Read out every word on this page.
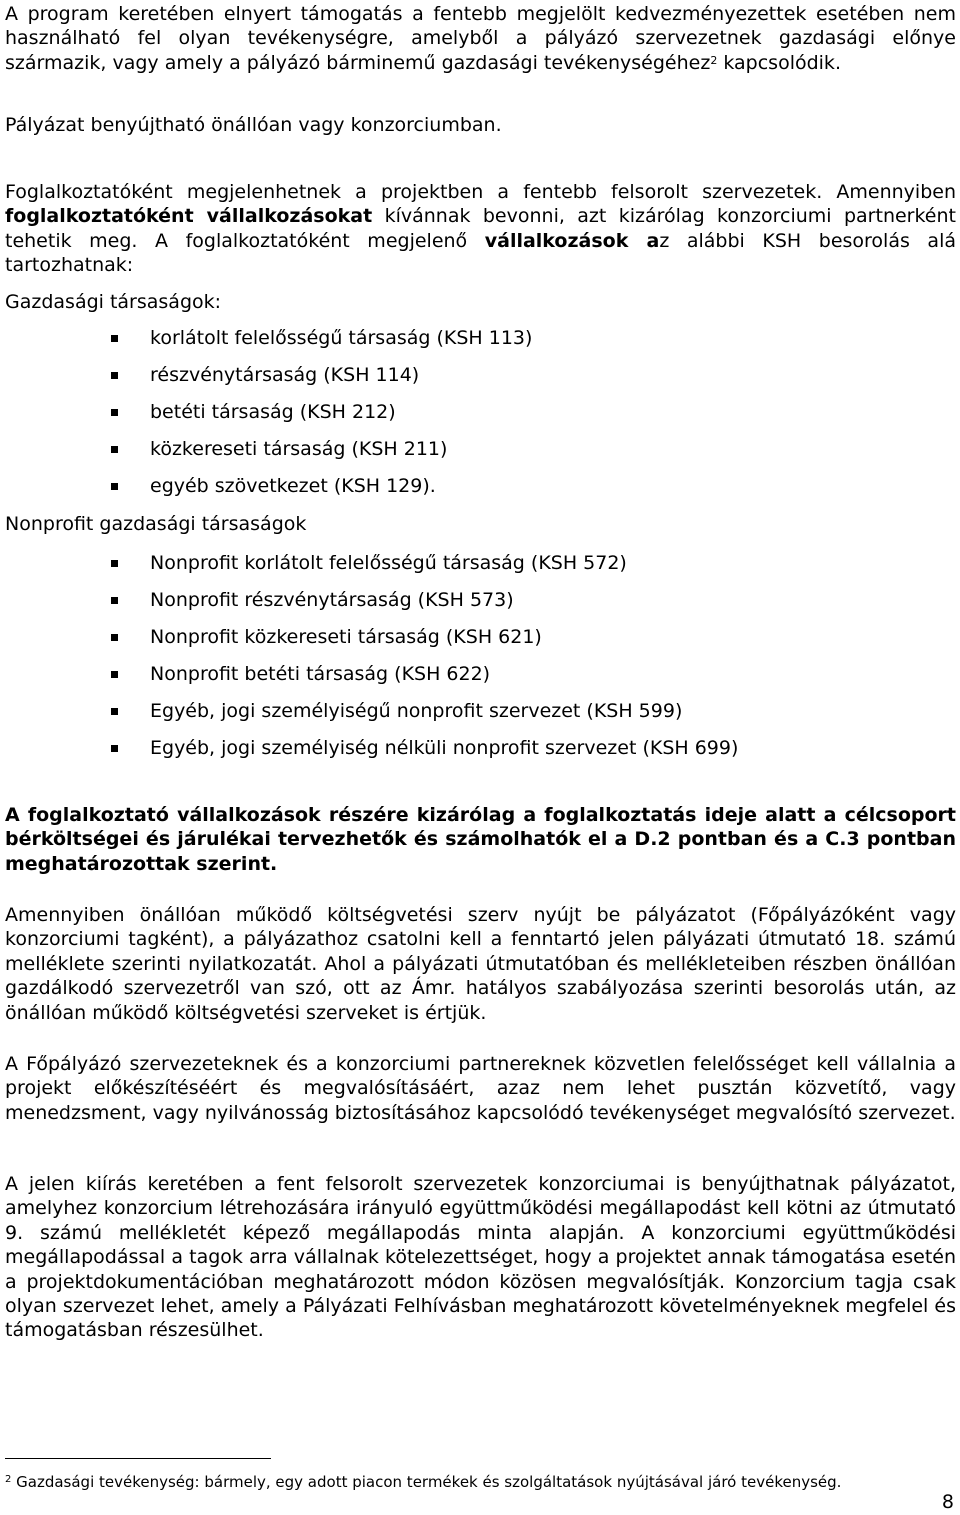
A program keretében elnyert támogatás a fentebb megjelölt kedvezményezettek esetében nem használható fel olyan tevékenységre, amelyből a pályázó szervezetnek gazdasági előnye származik, vagy amely a pályázó bárminemű gazdasági tevékenységéhez$^2$ kapcsolódik.

Pályázat benyújtható önállóan vagy konzorciumban.

Foglalkoztatóként megjelenhetnek a projektben a fentebb felsorolt szervezetek. Amennyiben foglalkoztatóként vállalkozásokat kívánnak bevonni, azt kizárólag konzorciumi partnerként tehetik meg. A foglalkoztatóként megjelenő vállalkozások az alábbi KSH besorolás alá tartozhatnak:

Gazdasági társaságok:

korlátolt felelősségű társaság (KSH 113)
részvénytársaság (KSH 114)
betéti társaság (KSH 212)
közkereseti társaság (KSH 211)
egyéb szövetkezet (KSH 129).

Nonprofit gazdasági társaságok

Nonprofit korlátolt felelősségű társaság (KSH 572)
Nonprofit részvénytársaság (KSH 573)
Nonprofit közkereseti társaság (KSH 621)
Nonprofit betéti társaság (KSH 622)
Egyéb, jogi személyiségű nonprofit szervezet (KSH 599)
Egyéb, jogi személyiség nélküli nonprofit szervezet (KSH 699)

A foglalkoztató vállalkozások részére kizárólag a foglalkoztatás ideje alatt a célcsoport bérköltségei és járulékai tervezhetők és számolhatók el a D.2 pontban és a C.3 pontban meghatározottak szerint.

Amennyiben önállóan működő költségvetési szerv nyújt be pályázatot (Főpályázóként vagy konzorciumi tagként), a pályázathoz csatolni kell a fenntartó jelen pályázati útmutató 18. számú melléklete szerinti nyilatkozatát. Ahol a pályázati útmutatóban és mellékleteiben részben önállóan gazdálkodó szervezetről van szó, ott az Ámr. hatályos szabályozása szerinti besorolás után, az önállóan működő költségvetési szerveket is értjük.

A Főpályázó szervezeteknek és a konzorciumi partnereknek közvetlen felelősséget kell vállalnia a projekt előkészítéséért és megvalósításáért, azaz nem lehet pusztán közvetítő, vagy menedzsment, vagy nyilvánosság biztosításához kapcsolódó tevékenységet megvalósító szervezet.

A jelen kiírás keretében a fent felsorolt szervezetek konzorciumai is benyújthatnak pályázatot, amelyhez konzorcium létrehozására irányuló együttműködési megállapodást kell kötni az útmutató 9. számú mellékletét képező megállapodás minta alapján. A konzorciumi együttműködési megállapodással a tagok arra vállalnak kötelezettséget, hogy a projektet annak támogatása esetén a projektdokumentációban meghatározott módon közösen megvalósítják. Konzorcium tagja csak olyan szervezet lehet, amely a Pályázati Felhívásban meghatározott követelményeknek megfelel és támogatásban részesülhet.

$^2$ Gazdasági tevékenység: bármely, egy adott piacon termékek és szolgáltatások nyújtásával járó tevékenység.
8
